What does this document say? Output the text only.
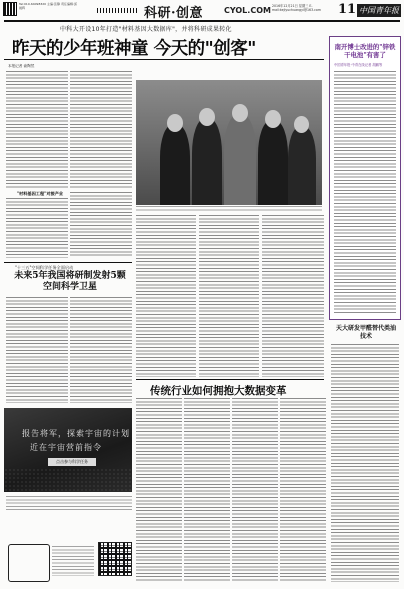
Tel:010-64098320 主编:张静 责任编辑:邱晨辉	科研·创意	CYOL.COM 2016年12月21日 星期三 E-mail:kejiyuchuangyi@163.com	11 中国青年报
中科大开设10年打造"材料基因大数据库"，并将科研成果转化
昨天的少年班神童 今天的"创客"
本报记者 俞陶然
"材料基因工程"对接产业
南开博士改进的"锌铁干电池"有害了
中国青年报·中青在线记者 胡鹏等
天大研发甲醛替代类油技术
"十三五"空间科学任务全面启动
未来5年我国将研制发射5颗空间科学卫星
传统行业如何拥抱大数据变革
报告将军，探索宇宙的计划
近在宇宙营前指令
点击参与科学任务
